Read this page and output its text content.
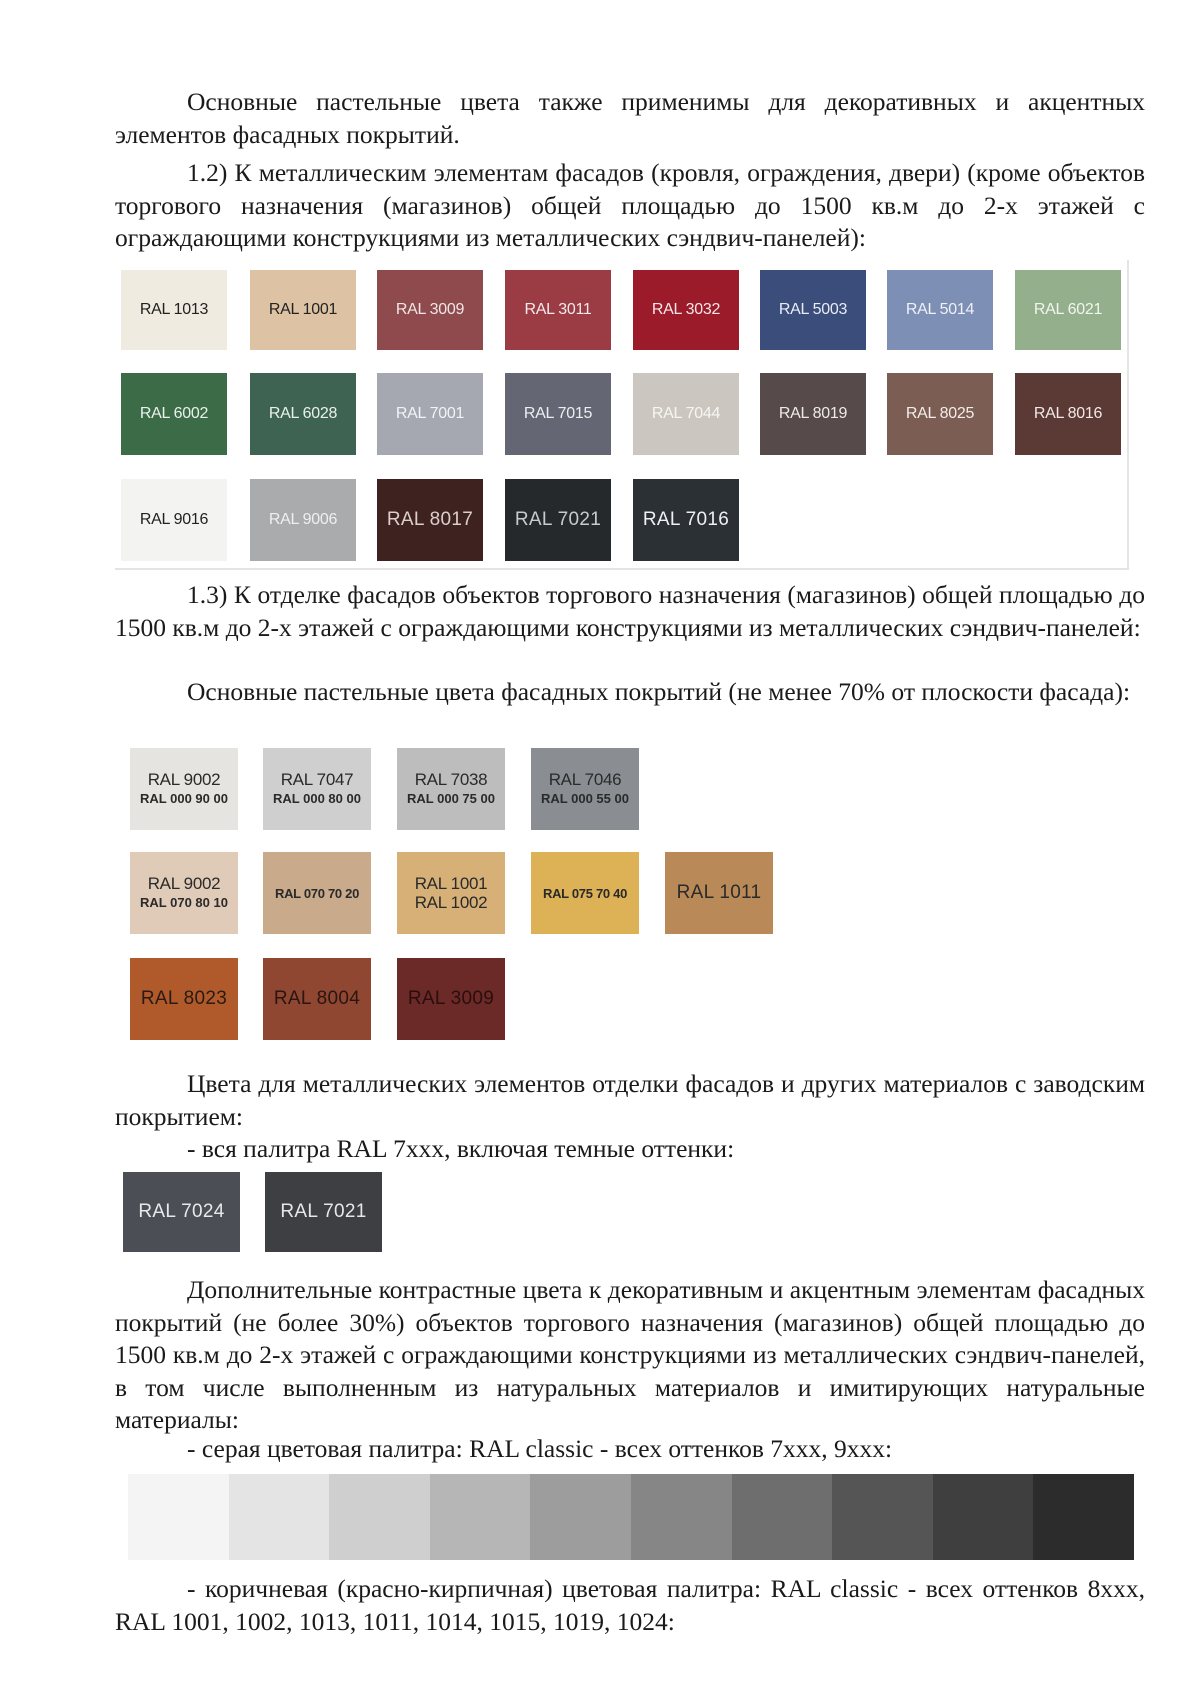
Основные пастельные цвета также применимы для декоративных и акцентных элементов фасадных покрытий.

1.2) К металлическим элементам фасадов (кровля, ограждения, двери) (кроме объектов торгового назначения (магазинов) общей площадью до 1500 кв.м до 2-х этажей с ограждающими конструкциями из металлических сэндвич-панелей):

RAL 1013	RAL 1001	RAL 3009	RAL 3011	RAL 3032	RAL 5003	RAL 5014	RAL 6021
RAL 6002	RAL 6028	RAL 7001	RAL 7015	RAL 7044	RAL 8019	RAL 8025	RAL 8016
RAL 9016	RAL 9006	RAL 8017 RAL 7021 RAL 7016

1.3) К отделке фасадов объектов торгового назначения (магазинов) общей площадью до 1500 кв.м до 2-х этажей с ограждающими конструкциями из металлических сэндвич-панелей:

Основные пастельные цвета фасадных покрытий (не менее 70% от плоскости фасада):

RAL 9002
RAL 000 90 00
RAL 7047
RAL 000 80 00
RAL 7038
RAL 000 75 00
RAL 7046
RAL 000 55 00
RAL 9002
RAL 070 80 10
RAL 070 70 20	RAL 1001
RAL 1002	RAL 075 70 40	RAL 1011
RAL 8023 RAL 8004	RAL 3009

Цвета для металлических элементов отделки фасадов и других материалов с заводским покрытием:

- вся палитра RAL 7xxx, включая темные оттенки:

RAL 7024	RAL 7021

Дополнительные контрастные цвета к декоративным и акцентным элементам фасадных покрытий (не более 30%) объектов торгового назначения (магазинов) общей площадью до 1500 кв.м до 2-х этажей с ограждающими конструкциями из металлических сэндвич-панелей, в том числе выполненным из натуральных материалов и имитирующих натуральные материалы:

- серая цветовая палитра: RAL classic - всех оттенков 7xxx, 9xxx:

- коричневая (красно-кирпичная) цветовая палитра: RAL classic - всех оттенков 8xxx, RAL 1001, 1002, 1013, 1011, 1014, 1015, 1019, 1024:
